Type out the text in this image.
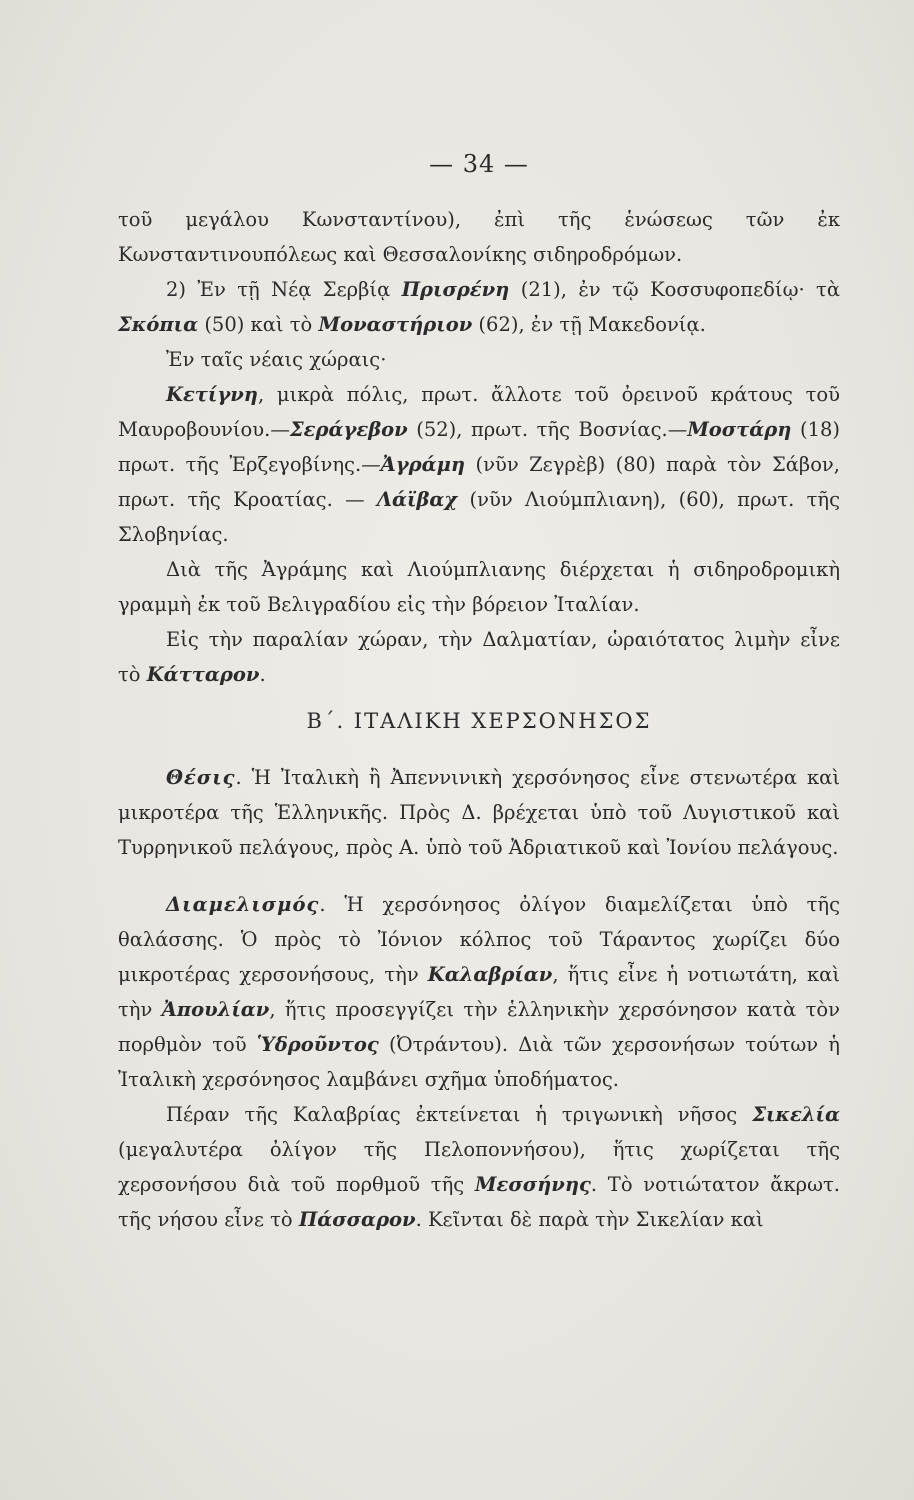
— 34 —

τοῦ μεγάλου Κωνσταντίνου), ἐπὶ τῆς ἑνώσεως τῶν ἐκ Κωνσταντινουπόλεως καὶ Θεσσαλονίκης σιδηροδρόμων.

2) Ἐν τῇ Νέᾳ Σερβίᾳ Πρισρένη (21), ἐν τῷ Κοσσυφοπεδίῳ· τὰ Σκόπια (50) καὶ τὸ Μοναστήριον (62), ἐν τῇ Μακεδονίᾳ.

Ἐν ταῖς νέαις χώραις·

Κετίγνη, μικρὰ πόλις, πρωτ. ἄλλοτε τοῦ ὀρεινοῦ κράτους τοῦ Μαυροβουνίου.—Σεράγεβον (52), πρωτ. τῆς Βοσνίας.—Μοστάρη (18) πρωτ. τῆς Ἐρζεγοβίνης.—Ἀγράμη (νῦν Ζεγρὲβ) (80) παρὰ τὸν Σάβον, πρωτ. τῆς Κροατίας. — Λάϊβαχ (νῦν Λιούμπλιανη), (60), πρωτ. τῆς Σλοβηνίας.

Διὰ τῆς Ἀγράμης καὶ Λιούμπλιανης διέρχεται ἡ σιδηροδρομικὴ γραμμὴ ἐκ τοῦ Βελιγραδίου εἰς τὴν βόρειον Ἰταλίαν.

Εἰς τὴν παραλίαν χώραν, τὴν Δαλματίαν, ὡραιότατος λιμὴν εἶνε τὸ Κάτταρον.

Β΄. ΙΤΑΛΙΚΗ ΧΕΡΣΟΝΗΣΟΣ

Θέσις. Ἡ Ἰταλικὴ ἢ Ἀπεννινικὴ χερσόνησος εἶνε στενωτέρα καὶ μικροτέρα τῆς Ἑλληνικῆς. Πρὸς Δ. βρέχεται ὑπὸ τοῦ Λυγιστικοῦ καὶ Τυρρηνικοῦ πελάγους, πρὸς Α. ὑπὸ τοῦ Ἀδριατικοῦ καὶ Ἰονίου πελάγους.

Διαμελισμός. Ἡ χερσόνησος ὀλίγον διαμελίζεται ὑπὸ τῆς θαλάσσης. Ὁ πρὸς τὸ Ἰόνιον κόλπος τοῦ Τάραντος χωρίζει δύο μικροτέρας χερσονήσους, τὴν Καλαβρίαν, ἥτις εἶνε ἡ νοτιωτάτη, καὶ τὴν Ἀπουλίαν, ἥτις προσεγγίζει τὴν ἑλληνικὴν χερσόνησον κατὰ τὸν πορθμὸν τοῦ Ὑδροῦντος (Ὀτράντου). Διὰ τῶν χερσονήσων τούτων ἡ Ἰταλικὴ χερσόνησος λαμβάνει σχῆμα ὑποδήματος.

Πέραν τῆς Καλαβρίας ἐκτείνεται ἡ τριγωνικὴ νῆσος Σικελία (μεγαλυτέρα ὀλίγον τῆς Πελοποννήσου), ἥτις χωρίζεται τῆς χερσονήσου διὰ τοῦ πορθμοῦ τῆς Μεσσήνης. Τὸ νοτιώτατον ἄκρωτ. τῆς νήσου εἶνε τὸ Πάσσαρον. Κεῖνται δὲ παρὰ τὴν Σικελίαν καὶ
